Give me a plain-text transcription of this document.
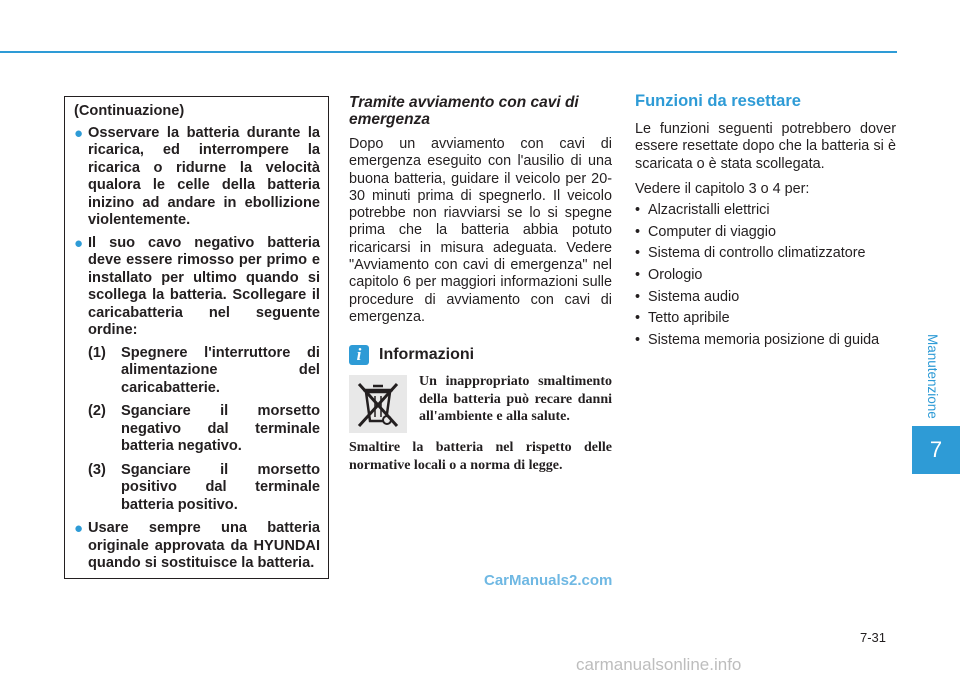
(Continuazione)
● Osservare la batteria durante la ricarica, ed interrompere la ricarica o ridurne la velocità qualora le celle della batteria inizino ad andare in ebollizione violentemente.
● Il suo cavo negativo batteria deve essere rimosso per primo e installato per ultimo quando si scollega la batteria. Scollegare il caricabatteria nel seguente ordine:
(1)	Spegnere l'interruttore di alimentazione del caricabatterie.
(2)	Sganciare il morsetto negativo dal terminale batteria negativo.
(3)	Sganciare il morsetto positivo dal terminale batteria positivo.
● Usare sempre una batteria originale approvata da HYUNDAI quando si sostituisce la batteria.
Tramite avviamento con cavi di emergenza

Dopo un avviamento con cavi di emergenza eseguito con l'ausilio di una buona batteria, guidare il veicolo per 20-30 minuti prima di spegnerlo. Il veicolo potrebbe non riavviarsi se lo si spegne prima che la batteria abbia potuto ricaricarsi in misura adeguata. Vedere "Avviamento con cavi di emergenza" nel capitolo 6 per maggiori informazioni sulle procedure di avviamento con cavi di emergenza.

i	Informazioni
Un inappropriato smaltimento della batteria può recare danni all'ambiente e alla salute.
Smaltire la batteria nel rispetto delle normative locali o a norma di legge.
Funzioni da resettare

Le funzioni seguenti potrebbero dover essere resettate dopo che la batteria si è scaricata o è stata scollegata.

Vedere il capitolo 3 o 4 per:

• Alzacristalli elettrici
• Computer di viaggio
• Sistema di controllo climatizzatore
• Orologio
• Sistema audio
• Tetto apribile
• Sistema memoria posizione di guida	Manutenzione
7
7-31
CarManuals2.com
carmanualsonline.info
